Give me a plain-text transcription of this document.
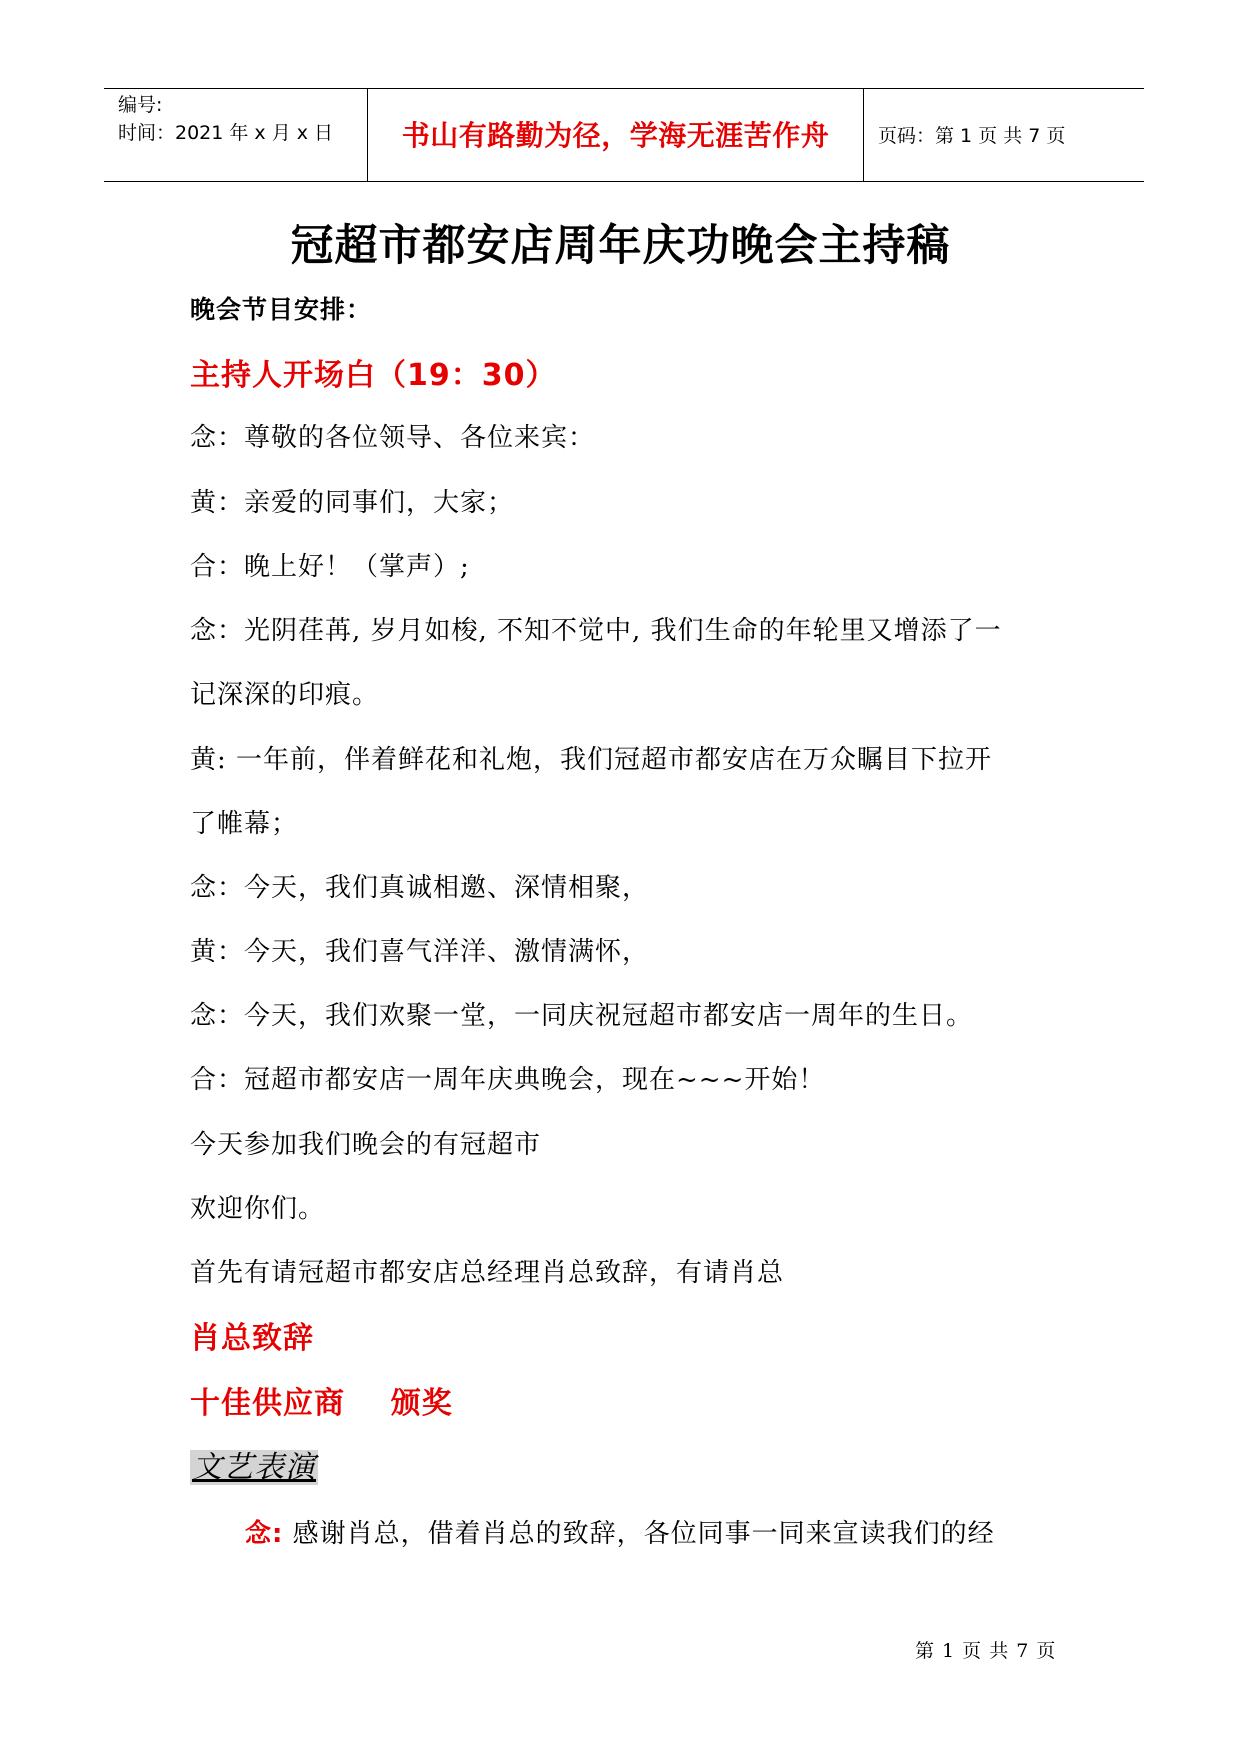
编号:
时间：2021 年 x 月 x 日	书山有路勤为径，学海无涯苦作舟	页码：第 1 页 共 7 页
冠超市都安店周年庆功晚会主持稿
晚会节目安排：
主持人开场白（19：30）
念：尊敬的各位领导、各位来宾：
黄：亲爱的同事们，大家；
合：晚上好！（掌声）;
念：光阴荏苒, 岁月如梭, 不知不觉中, 我们生命的年轮里又增添了一
记深深的印痕。
黄: 一年前，伴着鲜花和礼炮，我们冠超市都安店在万众瞩目下拉开
了帷幕；
念：今天，我们真诚相邀、深情相聚，
黄：今天，我们喜气洋洋、激情满怀，
念：今天，我们欢聚一堂，一同庆祝冠超市都安店一周年的生日。
合：冠超市都安店一周年庆典晚会，现在~~~开始！
今天参加我们晚会的有冠超市
欢迎你们。
首先有请冠超市都安店总经理肖总致辞，有请肖总
肖总致辞
十佳供应商    颁奖
文艺表演
念: 感谢肖总，借着肖总的致辞，各位同事一同来宣读我们的经
第 1 页 共 7 页
